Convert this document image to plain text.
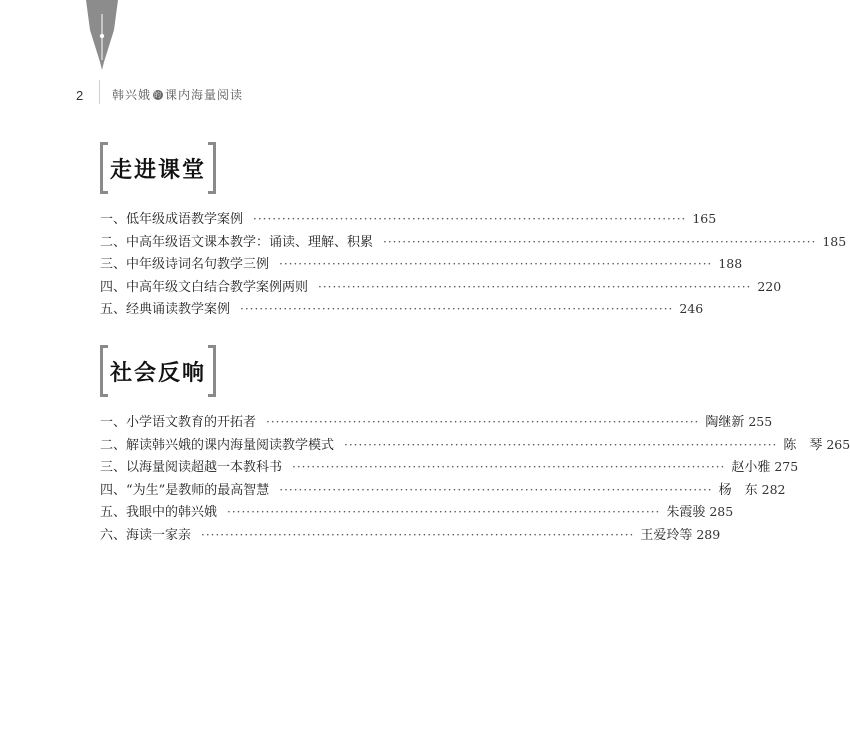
2 韩兴娥 的 课内海量阅读
走进课堂
一、低年级成语教学案例 ·························································································· 165
二、中高年级语文课本教学：诵读、理解、积累 ·························································································· 185
三、中年级诗词名句教学三例 ·························································································· 188
四、中高年级文白结合教学案例两则 ·························································································· 220
五、经典诵读教学案例 ·························································································· 246
社会反响
一、小学语文教育的开拓者 ·························································································· 陶继新 255
二、解读韩兴娥的课内海量阅读教学模式 ·························································································· 陈　琴 265
三、以海量阅读超越一本教科书 ·························································································· 赵小雅 275
四、“为生”是教师的最高智慧 ·························································································· 杨　东 282
五、我眼中的韩兴娥 ·························································································· 朱霞骏 285
六、海读一家亲 ·························································································· 王爱玲等 289
